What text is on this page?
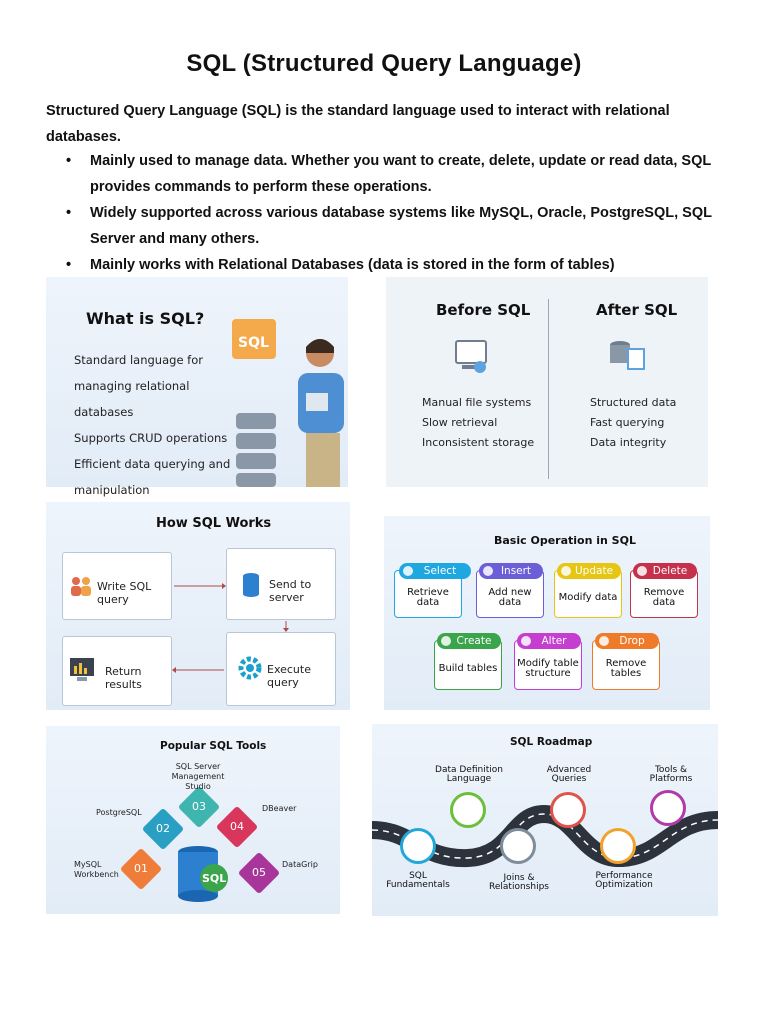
SQL (Structured Query Language)
Structured Query Language (SQL) is the standard language used to interact with relational databases.
• Mainly used to manage data. Whether you want to create, delete, update or read data, SQL provides commands to perform these operations.
• Widely supported across various database systems like MySQL, Oracle, PostgreSQL, SQL Server and many others.
• Mainly works with Relational Databases (data is stored in the form of tables)
What is SQL?
Standard language for managing relational databases
Supports CRUD operations
Efficient data querying and manipulation
SQL
Before SQL	After SQL
Manual file systems
Slow retrieval
Inconsistent storage
Structured data
Fast querying
Data integrity
How SQL Works
Write SQL query
Send to server
Return results
Execute query
Basic Operation in SQL
Select
Retrieve data
Insert
Add new data
Update
Modify data
Delete
Remove data
Create
Build tables
Alter
Modify table structure
Drop
Remove tables
Popular SQL Tools
01
02
03
04
05
SQL
MySQL Workbench
PostgreSQL
SQL Server Management Studio
DBeaver
DataGrip
SQL Roadmap
Data Definition Language
Advanced Queries
Tools & Platforms
SQL Fundamentals
Joins & Relationships
Performance Optimization
